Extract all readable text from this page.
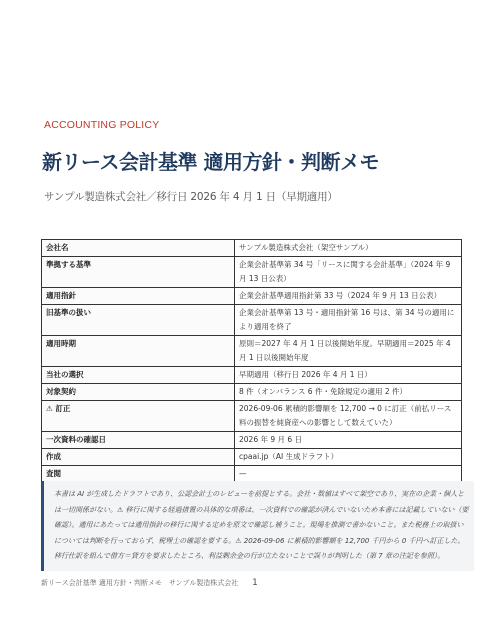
ACCOUNTING POLICY
新リース会計基準 適用方針・判断メモ
サンプル製造株式会社／移行日 2026 年 4 月 1 日（早期適用）
会社名	サンプル製造株式会社（架空サンプル）
準拠する基準	企業会計基準第 34 号「リースに関する会計基準」（2024 年 9 月 13 日公表）
適用指針	企業会計基準適用指針第 33 号（2024 年 9 月 13 日公表）
旧基準の扱い	企業会計基準第 13 号・適用指針第 16 号は、第 34 号の適用により適用を終了
適用時期	原則＝2027 年 4 月 1 日以後開始年度。早期適用＝2025 年 4 月 1 日以後開始年度
当社の選択	早期適用（移行日 2026 年 4 月 1 日）
対象契約	8 件（オンバランス 6 件・免除規定の適用 2 件）
⚠ 訂正	2026-09-06 累積的影響額を 12,700 → 0 に訂正（前払リース料の振替を純資産への影響として数えていた）
一次資料の確認日	2026 年 9 月 6 日
作成	cpaai.jp（AI 生成ドラフト）
査閲	—
本書は AI が生成したドラフトであり、公認会計士のレビューを前提とする。会社・数値はすべて架空であり、実在の企業・個人とは一切関係がない。⚠ 移行に関する経過措置の具体的な項番は、一次資料での確認が済んでいないため本書には記載していない（要確認）。適用にあたっては適用指針の移行に関する定めを原文で確認し補うこと。現場を推測で書かないこと。また税務上の取扱いについては判断を行っておらず、税理士の確認を要する。⚠ 2026-09-06 に累積的影響額を 12,700 千円から 0 千円へ訂正した。移行仕訳を組んで借方＝貸方を要求したところ、利益剰余金の行が立たないことで誤りが判明した（第 7 章の注記を参照）。
新リース会計基準 適用方針・判断メモ　サンプル製造株式会社 1
